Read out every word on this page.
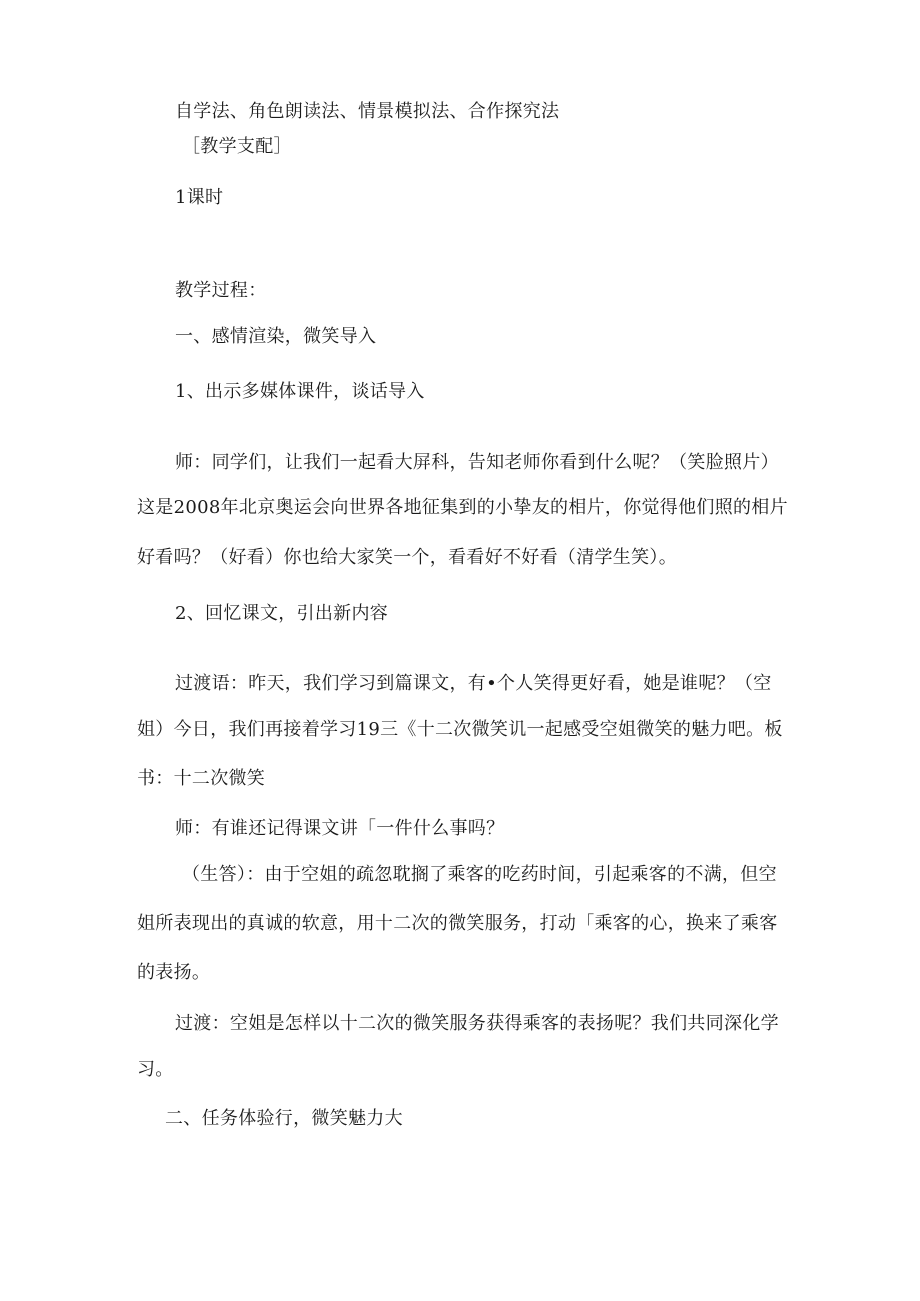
自学法、角色朗读法、情景模拟法、合作探究法
［教学支配］
1课时
教学过程：
一、感情渲染，微笑导入
1、出示多媒体课件，谈话导入
师：同学们，让我们一起看大屏科，告知老师你看到什么呢？（笑脸照片）
这是2008年北京奥运会向世界各地征集到的小挚友的相片，你觉得他们照的相片
好看吗？（好看）你也给大家笑一个，看看好不好看（清学生笑）。
2、回忆课文，引出新内容
过渡语：昨天，我们学习到篇课文，有•个人笑得更好看，她是谁呢？（空
姐）今日，我们再接着学习19三《十二次微笑讥一起感受空姐微笑的魅力吧。板
书：十二次微笑
师：有谁还记得课文讲「一件什么事吗？
（生答）：由于空姐的疏忽耽搁了乘客的吃药时间，引起乘客的不满，但空
姐所表现出的真诚的软意，用十二次的微笑服务，打动「乘客的心，换来了乘客
的表扬。
过渡：空姐是怎样以十二次的微笑服务获得乘客的表扬呢？我们共同深化学
习。
二、任务体验行，微笑魅力大
